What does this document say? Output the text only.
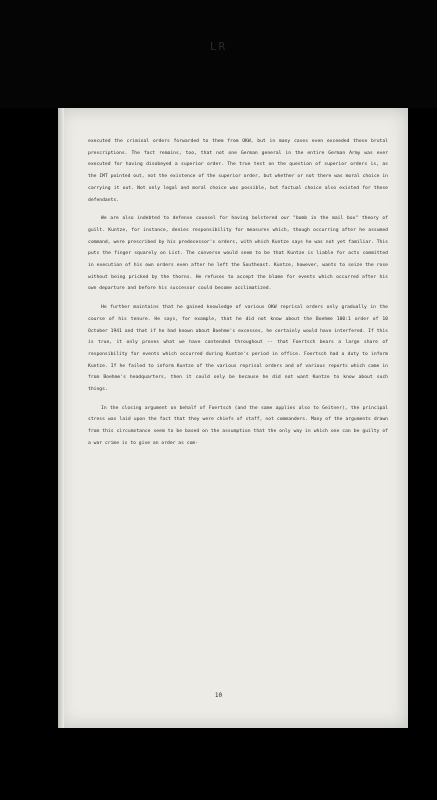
LR

executed the criminal orders forwarded to them from OKW, but in many cases even exceeded these brutal prescriptions. The fact remains, too, that not one German general in the entire German Army was ever executed for having disobeyed a superior order. The true test on the question of superior orders is, as the IMT pointed out, not the existence of the superior order, but whether or not there was moral choice in carrying it out. Not only legal and moral choice was possible, but factual choice also existed for these defendants.

We are also indebted to defense counsel for having bolstered our "bomb in the mail box" theory of guilt. Kuntze, for instance, denies responsibility for measures which, though occurring after he assumed command, were prescribed by his predecessor's orders, with which Kuntze says he was not yet familiar. This puts the finger squarely on List. The converse would seem to be that Kuntze is liable for acts committed in execution of his own orders even after he left the Southeast. Kuntze, however, wants to seize the rose without being pricked by the thorns. He refuses to accept the blame for events which occurred after his own departure and before his successor could become acclimatized.

He further maintains that he gained knowledge of various OKW reprisal orders only gradually in the course of his tenure. He says, for example, that he did not know about the Boehme 100:1 order of 10 October 1941 and that if he had known about Boehme's excesses, he certainly would have interfered. If this is true, it only proves what we have contended throughout -- that Foertsch bears a large share of responsibility for events which occurred during Kuntze's period in office. Foertsch had a duty to inform Kuntze. If he failed to inform Kuntze of the various reprisal orders and of various reports which came in from Boehme's headquarters, then it could only be because he did not want Kuntze to know about such things.

In the closing argument on behalf of Foertsch (and the same applies also to Geitner), the principal stress was laid upon the fact that they were chiefs of staff, not commanders. Many of the arguments drawn from this circumstance seem to be based on the assumption that the only way in which one can be guilty of a war crime is to give an order as com-

10
